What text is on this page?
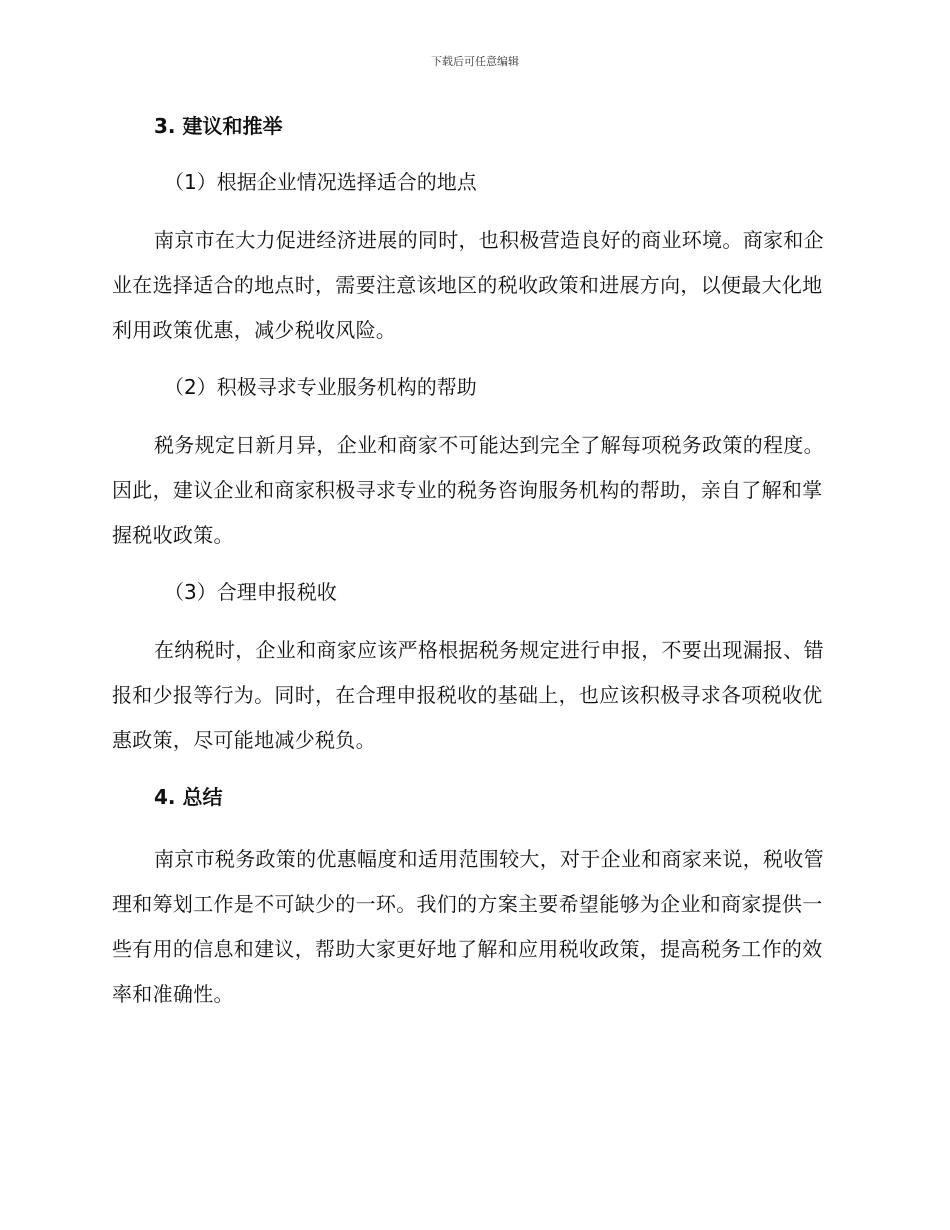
下载后可任意编辑
3. 建议和推举
（1）根据企业情况选择适合的地点

南京市在大力促进经济进展的同时，也积极营造良好的商业环境。商家和企业在选择适合的地点时，需要注意该地区的税收政策和进展方向，以便最大化地利用政策优惠，减少税收风险。

（2）积极寻求专业服务机构的帮助

税务规定日新月异，企业和商家不可能达到完全了解每项税务政策的程度。因此，建议企业和商家积极寻求专业的税务咨询服务机构的帮助，亲自了解和掌握税收政策。

（3）合理申报税收

在纳税时，企业和商家应该严格根据税务规定进行申报，不要出现漏报、错报和少报等行为。同时，在合理申报税收的基础上，也应该积极寻求各项税收优惠政策，尽可能地减少税负。

4. 总结

南京市税务政策的优惠幅度和适用范围较大，对于企业和商家来说，税收管理和筹划工作是不可缺少的一环。我们的方案主要希望能够为企业和商家提供一些有用的信息和建议，帮助大家更好地了解和应用税收政策，提高税务工作的效率和准确性。
